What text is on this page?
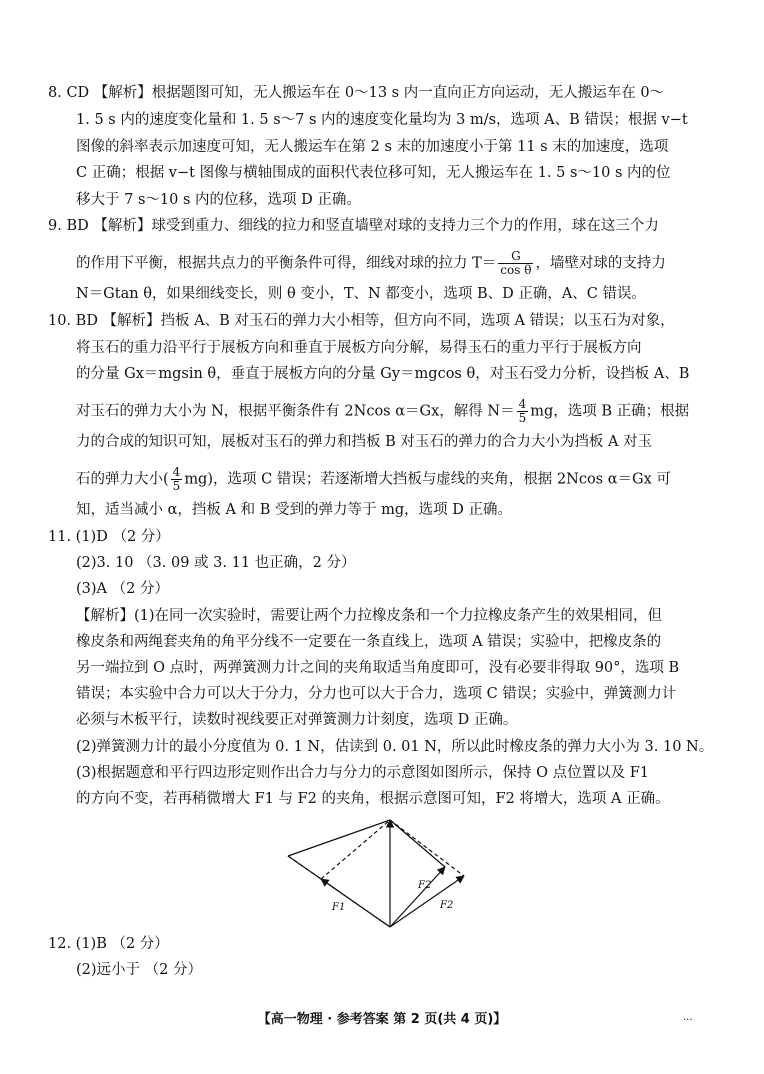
8. CD 【解析】根据题图可知，无人搬运车在 0～13 s 内一直向正方向运动，无人搬运车在 0～
1. 5 s 内的速度变化量和 1. 5 s～7 s 内的速度变化量均为 3 m/s，选项 A、B 错误；根据 v−t
图像的斜率表示加速度可知，无人搬运车在第 2 s 末的加速度小于第 11 s 末的加速度，选项
C 正确；根据 v−t 图像与横轴围成的面积代表位移可知，无人搬运车在 1. 5 s～10 s 内的位
移大于 7 s～10 s 内的位移，选项 D 正确。
9. BD 【解析】球受到重力、细线的拉力和竖直墙壁对球的支持力三个力的作用，球在这三个力
的作用下平衡，根据共点力的平衡条件可得，细线对球的拉力 $T= \frac{G}{\text{cos θ}}$ ，墙壁对球的支持力
N＝Gtan θ，如果细线变长，则 θ 变小，T、N 都变小，选项 B、D 正确，A、C 错误。
10. BD 【解析】挡板 A、B 对玉石的弹力大小相等，但方向不同，选项 A 错误；以玉石为对象，
将玉石的重力沿平行于展板方向和垂直于展板方向分解，易得玉石的重力平行于展板方向
的分量 Gx＝mgsin θ，垂直于展板方向的分量 Gy＝mgcos θ，对玉石受力分析，设挡板 A、B
对玉石的弹力大小为 N，根据平衡条件有 2Ncos α＝Gx，解得 $N= \frac{4}{5}$ mg，选项 B 正确；根据
力的合成的知识可知，展板对玉石的弹力和挡板 B 对玉石的弹力的合力大小为挡板 A 对玉
石的弹力大小( $\frac{4}{5} mg$)，选项 C 错误；若逐渐增大挡板与虚线的夹角，根据 2Ncos α＝Gx 可
知，适当减小 α，挡板 A 和 B 受到的弹力等于 mg，选项 D 正确。
11. (1)D （2 分）
(2)3. 10 （3. 09 或 3. 11 也正确，2 分）
(3)A （2 分）
【解析】(1)在同一次实验时，需要让两个力拉橡皮条和一个力拉橡皮条产生的效果相同，但
橡皮条和两绳套夹角的角平分线不一定要在一条直线上，选项 A 错误；实验中，把橡皮条的
另一端拉到 O 点时，两弹簧测力计之间的夹角取适当角度即可，没有必要非得取 90°，选项 B
错误；本实验中合力可以大于分力，分力也可以大于合力，选项 C 错误；实验中，弹簧测力计
必须与木板平行，读数时视线要正对弹簧测力计刻度，选项 D 正确。
(2)弹簧测力计的最小分度值为 0. 1 N，估读到 0. 01 N，所以此时橡皮条的弹力大小为 3. 10 N。
(3)根据题意和平行四边形定则作出合力与分力的示意图如图所示，保持 O 点位置以及 F1
的方向不变，若再稍微增大 F1 与 F2 的夹角，根据示意图可知，F2 将增大，选项 A 正确。
F1
F2
F2
12. (1)B （2 分）
(2)远小于 （2 分）
【高一物理 · 参考答案 第 2 页(共 4 页)】	...
